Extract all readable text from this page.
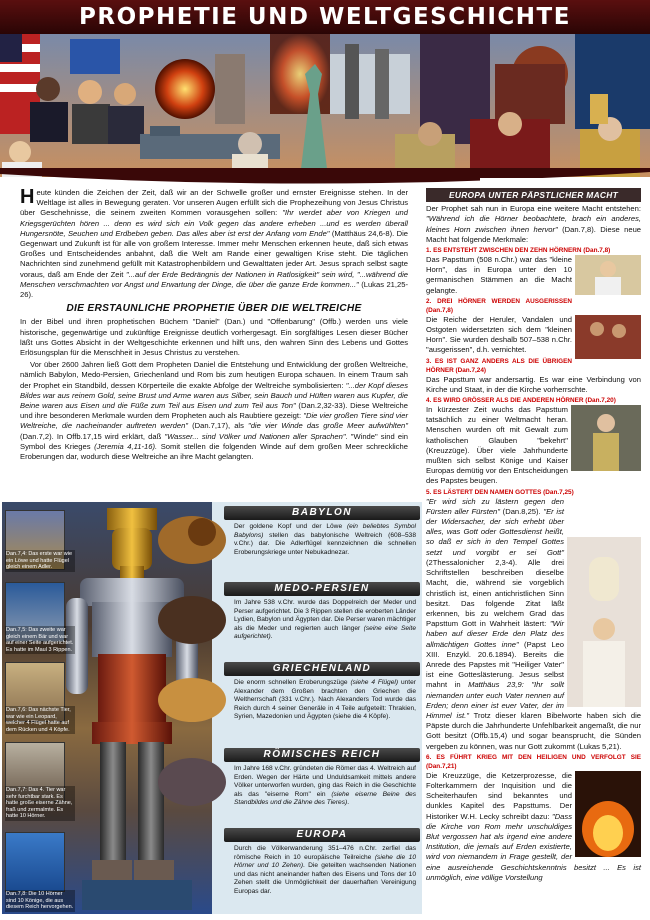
PROPHETIE UND WELTGESCHICHTE

Heute künden die Zeichen der Zeit, daß wir an der Schwelle großer und ernster Ereignisse stehen. In der Weltlage ist alles in Bewegung geraten. Vor unseren Augen erfüllt sich die Prophezeihung von Jesus Christus über Geschehnisse, die seinem zweiten Kommen vorausgehen sollen: "Ihr werdet aber von Kriegen und Kriegsgerüchten hören ... denn es wird sich ein Volk gegen das andere erheben ...und es werden überall Hungersnöte, Seuchen und Erdbeben geben. Das alles aber ist erst der Anfang vom Ende" (Matthäus 24,6-8). Die Gegenwart und Zukunft ist für alle von großem Interesse. Immer mehr Menschen erkennen heute, daß sich etwas Großes und Entscheidendes anbahnt, daß die Welt am Rande einer gewaltigen Krise steht. Die täglichen Nachrichten sind zunehmend gefüllt mit Katastrophenbildern und Gewalttaten jeder Art. Jesus sprach selbst sagte voraus, daß am Ende der Zeit "...auf der Erde Bedrängnis der Nationen in Ratlosigkeit" sein wird, "...während die Menschen verschmachten vor Angst und Erwartung der Dinge, die über die ganze Erde kommen..." (Lukas 21,25-26).

DIE ERSTAUNLICHE PROPHETIE ÜBER DIE WELTREICHE

In der Bibel und ihren prophetischen Büchern "Daniel" (Dan.) und "Offenbarung" (Offb.) werden uns viele historische, gegenwärtige und zukünftige Ereignisse deutlich vorhergesagt. Ein sorgfältiges Lesen dieser Bücher läßt uns Gottes Absicht in der Weltgeschichte erkennen und hilft uns, den wahren Sinn des Lebens und Gottes Erlösungsplan für die Menschheit in Jesus Christus zu verstehen.

Vor über 2600 Jahren ließ Gott dem Propheten Daniel die Entstehung und Entwicklung der großen Weltreiche, nämlich Babylon, Medo-Persien, Griechenland und Rom bis zum heutigen Europa schauen. In einem Traum sah der Prophet ein Standbild, dessen Körperteile die exakte Abfolge der Weltreiche symbolisierten: "...der Kopf dieses Bildes war aus reinem Gold, seine Brust und Arme waren aus Silber, sein Bauch und Hüften waren aus Kupfer, die Beine waren aus Eisen und die Füße zum Teil aus Eisen und zum Teil aus Ton" (Dan.2,32-33). Diese Weltreiche und ihre besonderen Merkmale wurden dem Propheten auch als Raubtiere gezeigt: "Die vier großen Tiere sind vier Weltreiche, die nacheinander auftreten werden" (Dan.7,17), als "die vier Winde das große Meer aufwühlten" (Dan.7,2). In Offb.17,15 wird erklärt, daß "Wasser... sind Völker und Nationen aller Sprachen". "Winde" sind ein Symbol des Krieges (Jeremia 4,11-16). Somit stellen die folgenden Winde auf dem großen Meer schreckliche Eroberungen dar, wodurch diese Weltreiche an ihre Macht gelangten.

Dan.7,4: Das erste war wie ein Löwe und hatte Flügel gleich einem Adler.
Dan.7,5: Das zweite war gleich einem Bär und war auf einer Seite aufgerichtet. Es hatte im Maul 3 Rippen.
Dan.7,6: Das nächste Tier, war wie ein Leopard, welcher 4 Flügel hatte auf dem Rücken und 4 Köpfe.
Dan.7,7: Das 4. Tier war sehr furchtbar stark. Es hatte große eiserne Zähne, fraß und zermalmte. Es hatte 10 Hörner.
Dan.7,8: Die 10 Hörner sind 10 Könige, die aus diesem Reich hervorgehen.
BABYLON
Der goldene Kopf und der Löwe (ein beliebtes Symbol Babylons) stellen das babylonische Weltreich (608–538 v.Chr.) dar. Die Adlerflügel kennzeichnen die schnellen Eroberungskriege unter Nebukadnezar.
MEDO-PERSIEN
Im Jahre 538 v.Chr. wurde das Doppelreich der Meder und Perser aufgerichtet. Die 3 Rippen stellen die eroberten Länder Lydien, Babylon und Ägypten dar. Die Perser waren mächtiger als die Meder und regierten auch länger (seine eine Seite aufgerichtet).
GRIECHENLAND
Die enorm schnellen Eroberungszüge (siehe 4 Flügel) unter Alexander dem Großen brachten den Griechen die Weltherrschaft (331 v.Chr.). Nach Alexanders Tod wurde das Reich durch 4 seiner Generäle in 4 Teile aufgeteilt: Thrakien, Syrien, Mazedonien und Ägypten (siehe die 4 Köpfe).
RÖMISCHES REICH
Im Jahre 168 v.Chr. gründeten die Römer das 4. Weltreich auf Erden. Wegen der Härte und Unduldsamkeit mittels andere Völker unterworfen wurden, ging das Reich in die Geschichte als das "eiserne Rom" ein (siehe eiserne Beine des Standbildes und die Zähne des Tieres).
EUROPA
Durch die Völkerwanderung 351–476 n.Chr. zerfiel das römische Reich in 10 europäische Teilreiche (siehe die 10 Hörner und 10 Zehen). Die geteilten wachsenden Nationen und das nicht aneinander haften des Eisens und Tons der 10 Zehen stellt die Unmöglichkeit der dauerhaften Vereinigung Europas dar.
EUROPA UNTER PÄPSTLICHER MACHT

Der Prophet sah nun in Europa eine weitere Macht entstehen: "Während ich die Hörner beobachtete, brach ein anderes, kleines Horn zwischen ihnen hervor" (Dan.7,8). Diese neue Macht hat folgende Merkmale:

1. ES ENTSTEHT ZWISCHEN DEN ZEHN HÖRNERN (Dan.7,8)

Das Papsttum (508 n.Chr.) war das "kleine Horn", das in Europa unter den 10 germanischen Stämmen an die Macht gelangte.

2. DREI HÖRNER WERDEN AUSGERISSEN (Dan.7,8)

Die Reiche der Heruler, Vandalen und Ostgoten widersetzten sich dem "kleinen Horn". Sie wurden deshalb 507–538 n.Chr. "ausgerissen", d.h. vernichtet.

3. ES IST GANZ ANDERS ALS DIE ÜBRIGEN HÖRNER (Dan.7,24)

Das Papsttum war andersartig. Es war eine Verbindung von Kirche und Staat, in der die Kirche vorherrschte.

4. ES WIRD GRÖSSER ALS DIE ANDEREN HÖRNER (Dan.7,20)

In kürzester Zeit wuchs das Papsttum tatsächlich zu einer Weltmacht heran. Menschen wurden oft mit Gewalt zum katholischen Glauben "bekehrt" (Kreuzzüge). Über viele Jahrhunderte mußten sich selbst Könige und Kaiser Europas demütig vor den Entscheidungen des Papstes beugen.

5. ES LÄSTERT DEN NAMEN GOTTES (Dan.7,25)

"Er wird sich zu lästern gegen den Fürsten aller Fürsten" (Dan.8,25). "Er ist der Widersacher, der sich erhebt über alles, was Gott oder Gottesdienst heißt, so daß er sich in den Tempel Gottes setzt und vorgibt er sei Gott" (2Thessalonicher 2,3-4). Alle drei Schriftstellen beschreiben dieselbe Macht, die, während sie vorgeblich christlich ist, einen antichristlichen Sinn besitzt. Das folgende Zitat läßt erkennen, bis zu welchem Grad das Papsttum Gott in Wahrheit lästert: "Wir haben auf dieser Erde den Platz des allmächtigen Gottes inne" (Papst Leo XIII. Enzykl. 20.6.1894). Bereits die Anrede des Papstes mit "Heiliger Vater" ist eine Gotteslästerung. Jesus selbst mahnt in Matthäus 23,9: "Ihr sollt niemanden unter euch Vater nennen auf Erden; denn einer ist euer Vater, der im Himmel ist." Trotz dieser klaren Bibelworte haben sich die Päpste durch die Jahrhunderte Unfehlbarkeit angemaßt, die nur Gott besitzt (Offb.15,4) und sogar beansprucht, die Sünden vergeben zu können, was nur Gott zukommt (Lukas 5,21).

6. ES FÜHRT KRIEG MIT DEN HEILIGEN UND VERFOLGT SIE (Dan.7,21)

Die Kreuzzüge, die Ketzerprozesse, die Folterkammern der Inquisition und die Scheiterhaufen sind bekanntes und dunkles Kapitel des Papsttums. Der Historiker W.H. Lecky schreibt dazu: "Dass die Kirche von Rom mehr unschuldiges Blut vergossen hat als irgend eine andere Institution, die jemals auf Erden existierte, wird von niemandem in Frage gestellt, der eine ausreichende Geschichtskenntnis besitzt ... Es ist unmöglich, eine völlige Vorstellung
